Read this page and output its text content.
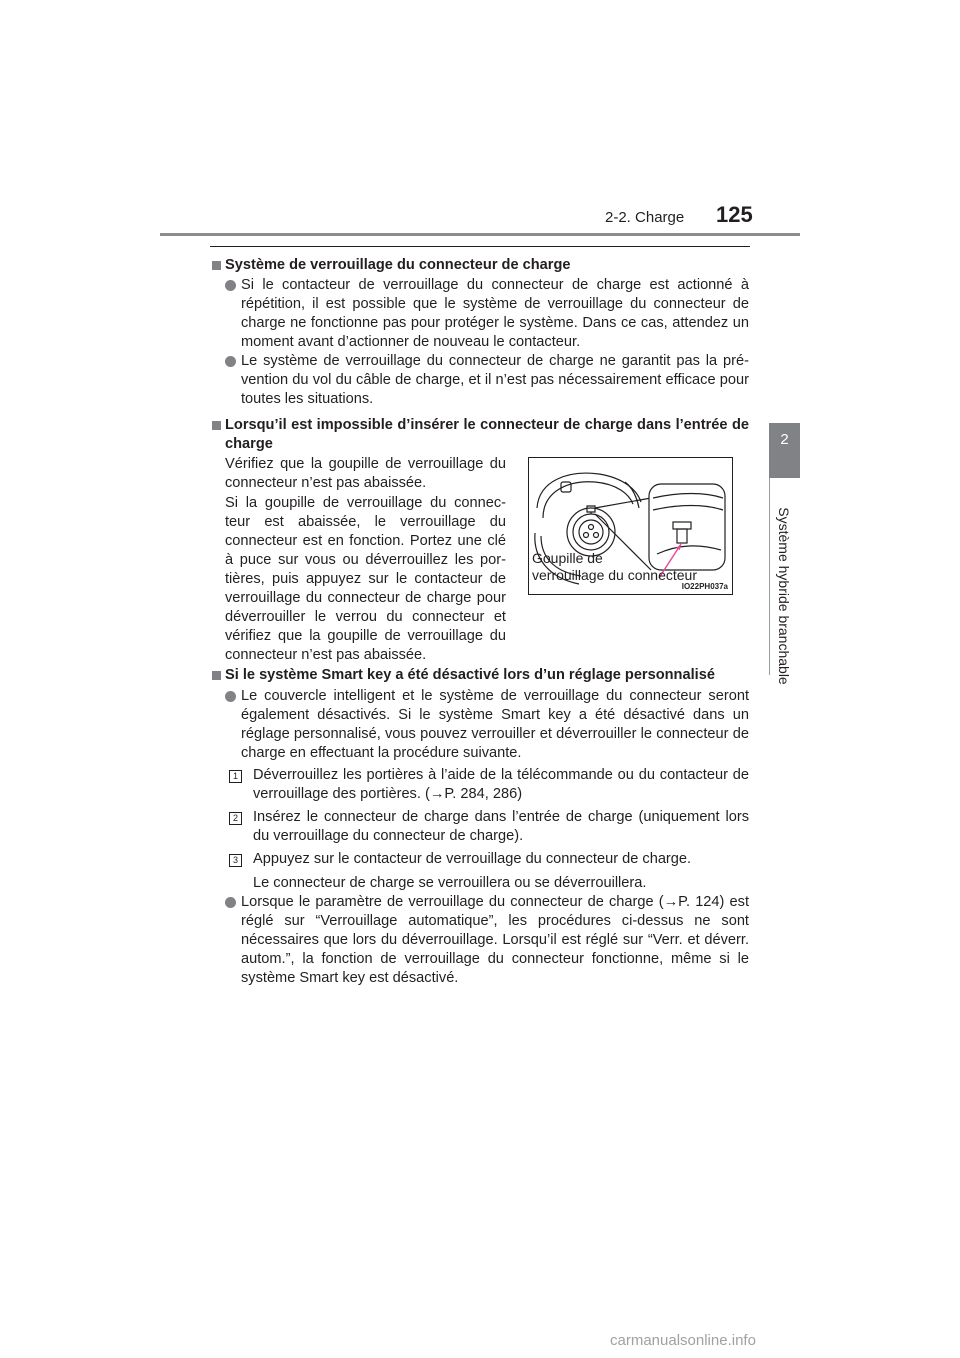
2-2. Charge 125
2
Système hybride branchable
Système de verrouillage du connecteur de charge
Si le contacteur de verrouillage du connecteur de charge est actionné à répétition, il est possible que le système de verrouillage du connecteur de charge ne fonctionne pas pour protéger le système. Dans ce cas, attendez un moment avant d’actionner de nouveau le contacteur.
Le système de verrouillage du connecteur de charge ne garantit pas la pré- vention du vol du câble de charge, et il n’est pas nécessairement efficace pour toutes les situations.
Lorsqu’il est impossible d’insérer le connecteur de charge dans l’entrée de charge
Vérifiez que la goupille de verrouillage du connecteur n’est pas abaissée.
Si la goupille de verrouillage du connec- teur est abaissée, le verrouillage du connecteur est en fonction. Portez une clé à puce sur vous ou déverrouillez les por- tières, puis appuyez sur le contacteur de verrouillage du connecteur de charge pour déverrouiller le verrou du connecteur et vérifiez que la goupille de verrouillage du connecteur n’est pas abaissée.
Goupille de
verrouillage du connecteur
IO22PH037a
Si le système Smart key a été désactivé lors d’un réglage personnalisé
Le couvercle intelligent et le système de verrouillage du connecteur seront également désactivés. Si le système Smart key a été désactivé dans un réglage personnalisé, vous pouvez verrouiller et déverrouiller le connecteur de charge en effectuant la procédure suivante.
1 Déverrouillez les portières à l’aide de la télécommande ou du contacteur de verrouillage des portières. (→P. 284, 286)
2 Insérez le connecteur de charge dans l’entrée de charge (uniquement lors du verrouillage du connecteur de charge).
3 Appuyez sur le contacteur de verrouillage du connecteur de charge.
Le connecteur de charge se verrouillera ou se déverrouillera.
Lorsque le paramètre de verrouillage du connecteur de charge (→P. 124) est réglé sur “Verrouillage automatique”, les procédures ci-dessus ne sont nécessaires que lors du déverrouillage. Lorsqu’il est réglé sur “Verr. et déverr. autom.”, la fonction de verrouillage du connecteur fonctionne, même si le système Smart key est désactivé.
carmanualsonline.info
